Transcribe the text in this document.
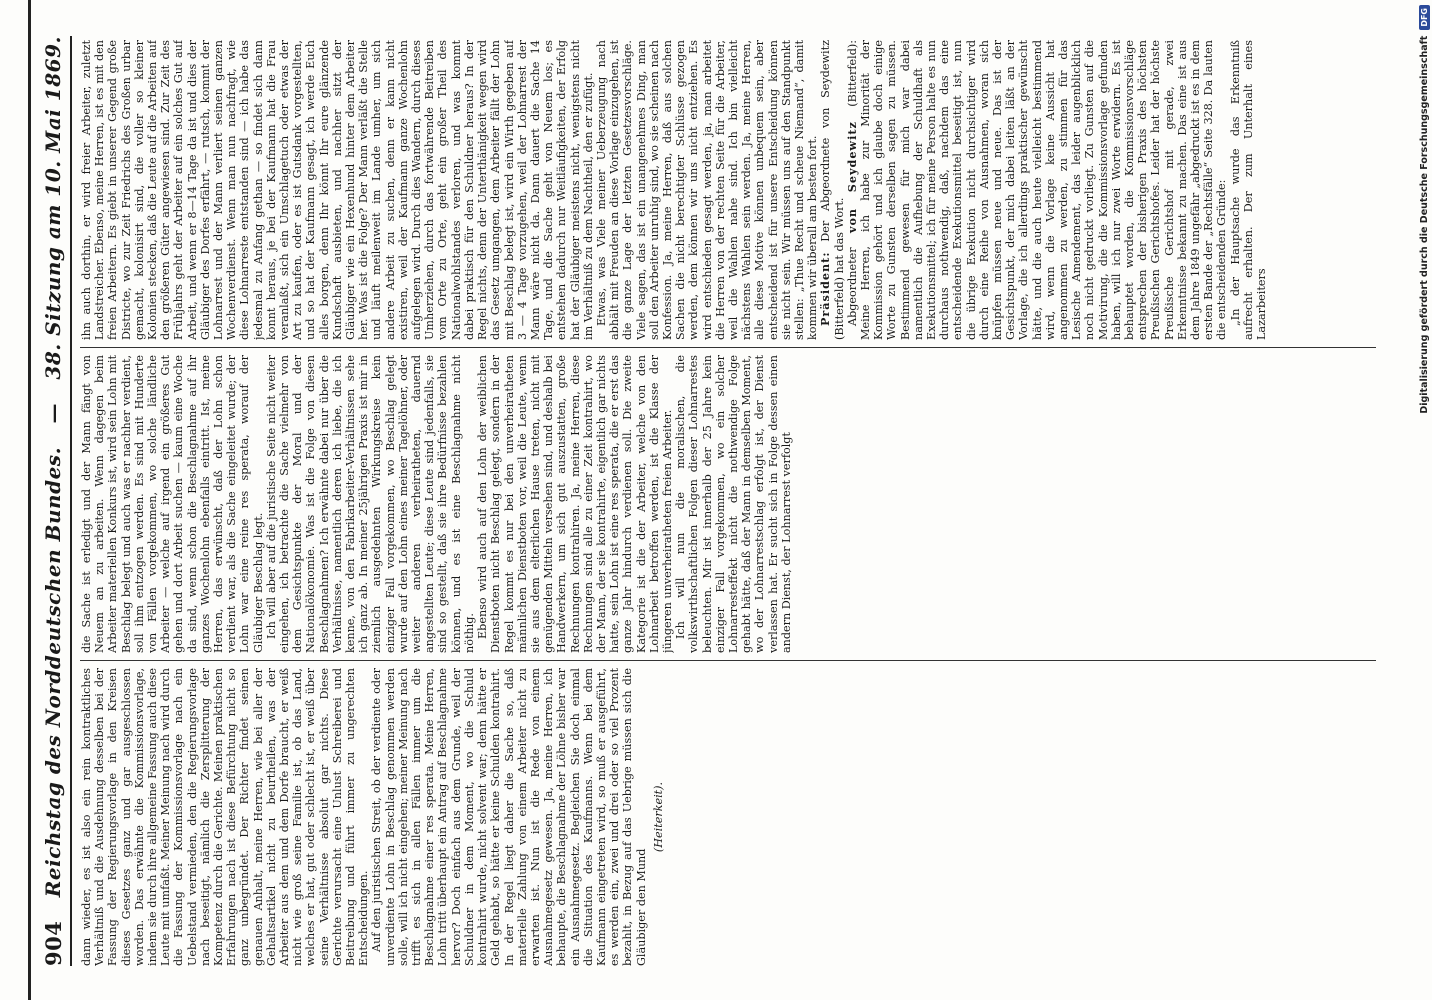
904
Reichstag des Norddeutschen Bundes.
—
38. Sitzung am 10. Mai 1869.

dann wieder, es ist also ein rein kontraktliches Verhältniß und die Ausdehnung desselben bei der Fassung der Regierungsvorlage in den Kreisen dieses Gesetzes ganz und gar ausgeschlossen worden. Das erwähnte die Kommissionsvorlage, indem sie durch ihre allgemeine Fassung auch diese Leute mit umfaßt. Meiner Meinung nach wird durch die Fassung der Kommissionsvorlage nach ein Uebelstand vermieden, den die Regierungsvorlage nach beseitigt, nämlich die Zersplitterung der Kompetenz durch die Gerichte. Meinen praktischen Erfahrungen nach ist diese Befürchtung nicht so ganz unbegründet. Der Richter findet seinen genauen Anhalt, meine Herren, wie bei aller der Gehaltsartikel nicht zu beurtheilen, was der Arbeiter aus dem und dem Dorfe braucht, er weiß nicht wie groß seine Familie ist, ob das Land, welches er hat, gut oder schlecht ist, er weiß über seine Verhältnisse absolut gar nichts. Diese Gerichte verursacht eine Unlust Schreiberei und Beitreibung und führt immer zu ungerechten Entscheidungen. Auf den juristischen Streit, ob der verdiente oder unverdiente Lohn in Beschlag genommen werden solle, will ich nicht eingehen; meiner Meinung nach trifft es sich in allen Fällen immer um die Beschlagnahme einer res sperata. Meine Herren, Lohn tritt überhaupt ein Antrag auf Beschlagnahme hervor? Doch einfach aus dem Grunde, weil der Schuldner in dem Moment, wo die Schuld kontrahirt wurde, nicht solvent war; denn hätte er Geld gehabt, so hätte er keine Schulden kontrahirt. In der Regel liegt daher die Sache so, daß materielle Zahlung von einem Arbeiter nicht zu erwarten ist. Nun ist die Rede von einem Ausnahmegesetz gewesen. Ja, meine Herren, ich behaupte, die Beschlagnahme der Löhne bisher war ein Ausnahmegesetz. Begleichen Sie doch einmal die Situation des Kaufmanns. Wenn bei dem Kaufmann eingetreten wird, so muß er ausgeführt, es werden ein, zwei und drei oder so viel Prozent bezahlt, in Bezug auf das Uebrige müssen sich die Gläubiger den Mund

(Heiterkeit).

die Sache ist erledigt und der Mann fängt von Neuem an zu arbeiten. Wenn dagegen beim Arbeiter materiellen Konkurs ist, wird sein Lohn mit Beschlag belegt und auch was er nachher verdient, soll ihm entzogen werden. Es sind mit Hunderte von Fällen vorgekommen, wo solche ländliche Arbeiter — welche auf irgend ein größeres Gut gehen und dort Arbeit suchen — kaum eine Woche da sind, wenn schon die Beschlagnahme auf ihr ganzes Wochenlohn ebenfalls eintritt. Ist, meine Herren, das erwünscht, daß der Lohn schon verdient war, als die Sache eingeleitet wurde; der Lohn war eine reine res sperata, worauf der Gläubiger Beschlag legt. Ich will aber auf die juristische Seite nicht weiter eingehen, ich betrachte die Sache vielmehr von dem Gesichtspunkte der Moral und der Nationalökonomie. Was ist die Folge von diesen Beschlagnahmen? Ich erwähnte dabei nur über die Verhältnisse, namentlich deren ich liebe, die ich kenne, von den Fabrikarbeiter-Verhältnissen sehe ich ganz ab. In meiner 25jährigen Praxis ist mir in ziemlich ausgedehnten Wirkungskreise kein einziger Fall vorgekommen, wo Beschlag gelegt wurde auf den Lohn eines meiner Tagelöhner, oder weiter anderen verheiratheten, dauernd angestellten Leute; diese Leute sind jedenfalls, sie sind so gestellt, daß sie ihre Bedürfnisse bezahlen können, und es ist eine Beschlagnahme nicht nöthig. Ebenso wird auch auf den Lohn der weiblichen Dienstboten nicht Beschlag gelegt, sondern in der Regel kommt es nur bei den unverheiratheten männlichen Dienstboten vor, weil die Leute, wenn sie aus dem elterlichen Hause treten, nicht mit genügenden Mitteln versehen sind, und deshalb bei Handwerkern, um sich gut auszustatten, große Rechnungen kontrahiren. Ja, meine Herren, diese Rechnungen sind alle zu einer Zeit kontrahirt, wo der Mann, der sie kontrahirte, eigentlich gar nichts hatte, sein Lohn ist eine res sperata, die er erst das ganze Jahr hindurch verdienen soll. Die zweite Kategorie ist die der Arbeiter, welche von den Lohnarbeit betroffen werden, ist die Klasse der jüngeren unverheiratheten freien Arbeiter. Ich will nun die moralischen, die volkswirthschaftlichen Folgen dieser Lohnarrestes beleuchten. Mir ist innerhalb der 25 Jahre kein einziger Fall vorgekommen, wo ein solcher Lohnarresteffekt nicht die nothwendige Folge gehabt hätte, daß der Mann in demselben Moment, wo der Lohnarrestschlag erfolgt ist, der Dienst verlassen hat. Er sucht sich in Folge dessen einen andern Dienst, der Lohnarrest verfolgt

ihn auch dorthin, er wird freier Arbeiter, zuletzt Landstreicher. Ebenso, meine Herren, ist es mit den freien Arbeitern. Es giebt in unserer Gegend große Districte, wo zur Zeit Friedrichs des Großen urbar gemacht, kolonisirt sind, die voller so kleiner Kolonien stecken, daß die Leute auf die Arbeiten auf den größeren Güter angewiesen sind. Zur Zeit des Frühjahrs geht der Arbeiter auf ein solches Gut auf Arbeit, und wenn er 8—14 Tage da ist und dies der Gläubiger des Dorfes erfährt, — rutsch, kommt der Lohnarrest und der Mann verliert seinen ganzen Wochenverdienst. Wenn man nun nachfragt, wie diese Lohnarreste entstanden sind — ich habe das jedesmal zu Anfang gethan — so findet sich dann konnt heraus, je bei der Kaufmann hat die Frau veranlaßt, sich ein Umschlagetuch oder etwas der Art zu kaufen, oder es ist Gutsdank vorgestellten, und so hat der Kaufmann gesagt, ich werde Euch alles borgen, denn Ihr könnt Ihr eure glänzende Kundschaft ausbieten, und nachher sitzt der Gläubiger wie ein Hexenhund hinter dem Arbeiter her. Was ist die Folge? Der Mann verläßt die Stelle und läuft meilenweit im Lande umher, um sich andere Arbeit zu suchen, denn er kann nicht existiren, weil der Kaufmann ganze Wochenlohn aufgelegen wird. Durch dies Wandern, durch dieses Umherziehen, durch das fortwährende Beitreiben vom Orte zu Orte, geht ein großer Theil des Nationalwohlstandes verloren, und was kommt dabei praktisch für den Schuldner heraus? In der Regel nichts, denn der Unterthänigkeit wegen wird das Gesetz umgangen, dem Arbeiter fällt der Lohn mit Beschlag belegt ist, wird ein Wirth gegeben auf 3 — 4 Tage vorzugehen, weil der Lohnarrest der Mann wäre nicht da. Dann dauert die Sache 14 Tage, und die Sache geht von Neuem los; es entstehen dadurch nur Weitläufigkeiten, der Erfolg hat der Gläubiger meistens nicht, wenigstens nicht im Verhältniß zu dem Nachtheil, den er zufügt. Etwas, was Viele meiner Ueberzeugung nach abhält mit Freuden an diese Vorlage einzugehen, ist die ganze Lage der letzten Gesetzesvorschläge. Viele sagen, das ist ein unangenehmes Ding, man soll den Arbeiter unruhig sind, wo sie scheinen nach Konfession. Ja, meine Herren, daß aus solchen Sachen die nicht berechtigter Schlüsse gezogen werden, dem können wir uns nicht entziehen. Es wird entschieden gesagt werden, ja, man arbeitet die Herren von der rechten Seite für die Arbeiter, weil die Wahlen nahe sind. Ich bin vielleicht nächstens Wahlen sein werden. Ja, meine Herren, alle diese Motive können unbequem sein, aber entscheidend ist für unsere Entscheidung können sie nicht sein. Wir müssen uns auf den Standpunkt stellen: „Thue Recht und scheue Niemand“, damit kommen wir überall am besten fort. Präsident: Der Abgeordnete von Seydewitz (Bitterfeld) hat das Wort. Abgeordneter von Seydewitz (Bitterfeld): Meine Herren, ich habe zur Minorität der Kommission gehört und ich glaube doch einige Worte zu Gunsten derselben sagen zu müssen. Bestimmend gewesen für mich war dabei namentlich die Aufhebung der Schuldhaft als Exekutionsmittel; ich für meine Person halte es nun durchaus nothwendig, daß, nachdem das eine entscheidende Exekutionsmittel beseitigt ist, nun die übrige Exekution nicht durchsichtiger wird durch eine Reihe von Ausnahmen, woran sich knüpfen müssen neue und neue. Das ist der Gesichtspunkt, der mich dabei leiten läßt an der Vorlage, die ich allerdings praktischer gewünscht hätte, und die auch heute vielleicht bestimmend wird, wenn die Vorlage keine Aussicht hat angenommen zu werden, zu stimmen für das Lesische Amendement, das leider augenblicklich noch nicht gedruckt vorliegt. Zu Gunsten auf die Motivirung, die die Kommissionsvorlage gefunden haben, will ich nur zwei Worte erwidern. Es ist behauptet worden, die Kommissionsvorschläge entsprechen der bisherigen Praxis des höchsten Preußischen Gerichtshofes. Leider hat der höchste Preußische Gerichtshof mit gerade, zwei Erkenntnisse bekannt zu machen. Das eine ist aus dem Jahre 1849 ungefähr „abgedruckt ist es in dem ersten Bande der „Rechtsfälle“ Seite 328. Da lauten die entscheidenden Gründe: „In der Hauptsache wurde das Erkenntniß aufrecht erhalten. Der zum Unterhalt eines Lazarbeiters	Digitalisierung gefördert durch die Deutsche Forschungsgemeinschaft
DFG
